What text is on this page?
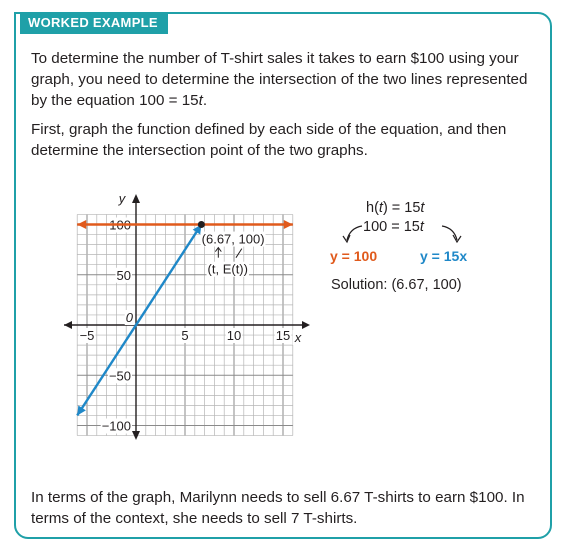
WORKED EXAMPLE

To determine the number of T-shirt sales it takes to earn $100 using your graph, you need to determine the intersection of the two lines represented by the equation 100 = 15t.

First, graph the function defined by each side of the equation, and then determine the intersection point of the two graphs.

−5	5	10	15
100
50
−50
−100
0
x
y
(6.67, 100)
(t, E(t))
h(t) = 15t
100 = 15t
y = 100	y = 15x
Solution: (6.67, 100)

In terms of the graph, Marilynn needs to sell 6.67 T-shirts to earn $100. In terms of the context, she needs to sell 7 T-shirts.
